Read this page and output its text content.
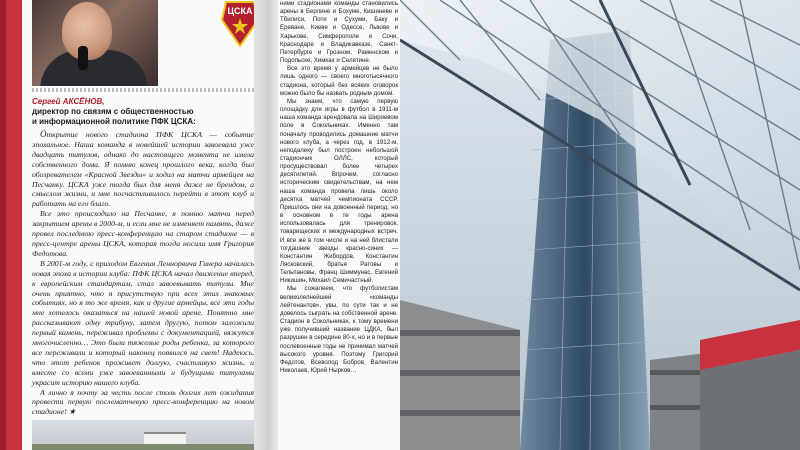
ЦСКА
Сергей АКСЁНОВ,
директор по связям с общественностью
и информационной политике ПФК ЦСКА:

Открытие нового стадиона ПФК ЦСКА — событие эпохальное. Наша команда в новейшей истории завоевала уже двадцать титулов, однако до настоящего момента не имела собственного дома. Я помню конец прошлого века, когда был обозревателем «Красной Звезды» и ходил на матчи армейцев на Песчанку. ЦСКА уже тогда был для меня даже не брендом, а смыслом жизни, и мне посчастливилось перейти в этот клуб и работать на его благо.

Все это происходило на Песчанке, я помню матчи перед закрытием арены в 2000-м, и если мне не изменяет память, даже провел последнюю пресс-конференцию на старом стадионе — в пресс-центре арены ЦСКА, которая тогда носила имя Григория Федотова.

В 2001-м году, с приходом Евгения Леннорвича Гинера началась новая эпоха в истории клуба: ПФК ЦСКА начал движение вперед, к европейским стандартам, стал завоевывать титулы. Мне очень приятно, что я присутствую при всех этих знаковых событиях, но я то же время, как и другие армейцы, все эти годы мне хотелось оказаться на нашей новой арене. Понятно мне рассказывают одну трибуну, затем другую, потом заложили первый камень, переживал проблемы с документацией, вяжутся многочисленно… Это были тяжелые роды ребенка, за которого все переживали и который наконец появился на свет! Надеюсь, что этот ребенок проживет долгую, счастливую жизнь, и вместе со всеми уже завоеванными и будущими титулами украсит историю нашего клуба.

А лично я почту за честь после столь долгих лет ожидания провести первую послематчевую пресс-конференцию на новом стадионе! ★

ними стадионами команды становились арены в Берлине и Бохуме, Кишиневе и Тбилиси, Поти и Сухуми, Баку и Ереване, Киеве и Одессе, Львове и Харькове, Симферополе и Сочи, Краснодаре и Владикавказе, Санкт-Петербурге и Грозном, Раменском и Подольске, Химках и Селятине.

Все это время у армейцев не было лишь одного — своего многотысячного стадиона, который без всяких оговорок можно было бы назвать родным домом.

Мы знаем, что самую первую площадку для игры в футбол в 1911-м наша команда арендовала на Ширяевом поле в Сокольниках. Именно там поначалу проводились домашние матчи нового клуба, а через год, в 1912-м, неподалеку был построен небольшой стадиончик ОЛЛС, который просуществовал более четырех десятилетий. Впрочем, согласно историческим свидетельствам, на нем наша команда провела лишь около десятка матчей чемпионата СССР. Пришлось они на довоенный период, но в основном в те годы арена использовалась для тренировок, товарищеских и международных встреч. И все же в том числе и на ней блистали тогдашние звезды красно-синих — Константин Жибордов, Константин Лясковский, братья Ратовы и Тельпановы, Франц Шиммунас, Евгений Никишин, Михаил Семичастный.

Мы сожалеем, что футболистам великолепнейшей «команды лейтенантов», увы, по сути так и не довелось сыграть на собственной арене. Стадион в Сокольниках, к тому времени уже получивший название ЦДКА, был разрушен в середине 80-х, но и в первые послевоенные годы не принимал матчей высокого уровня. Поэтому Григорий Федотов, Всеволод Бобров, Валентин Николаев, Юрий Нырков…
